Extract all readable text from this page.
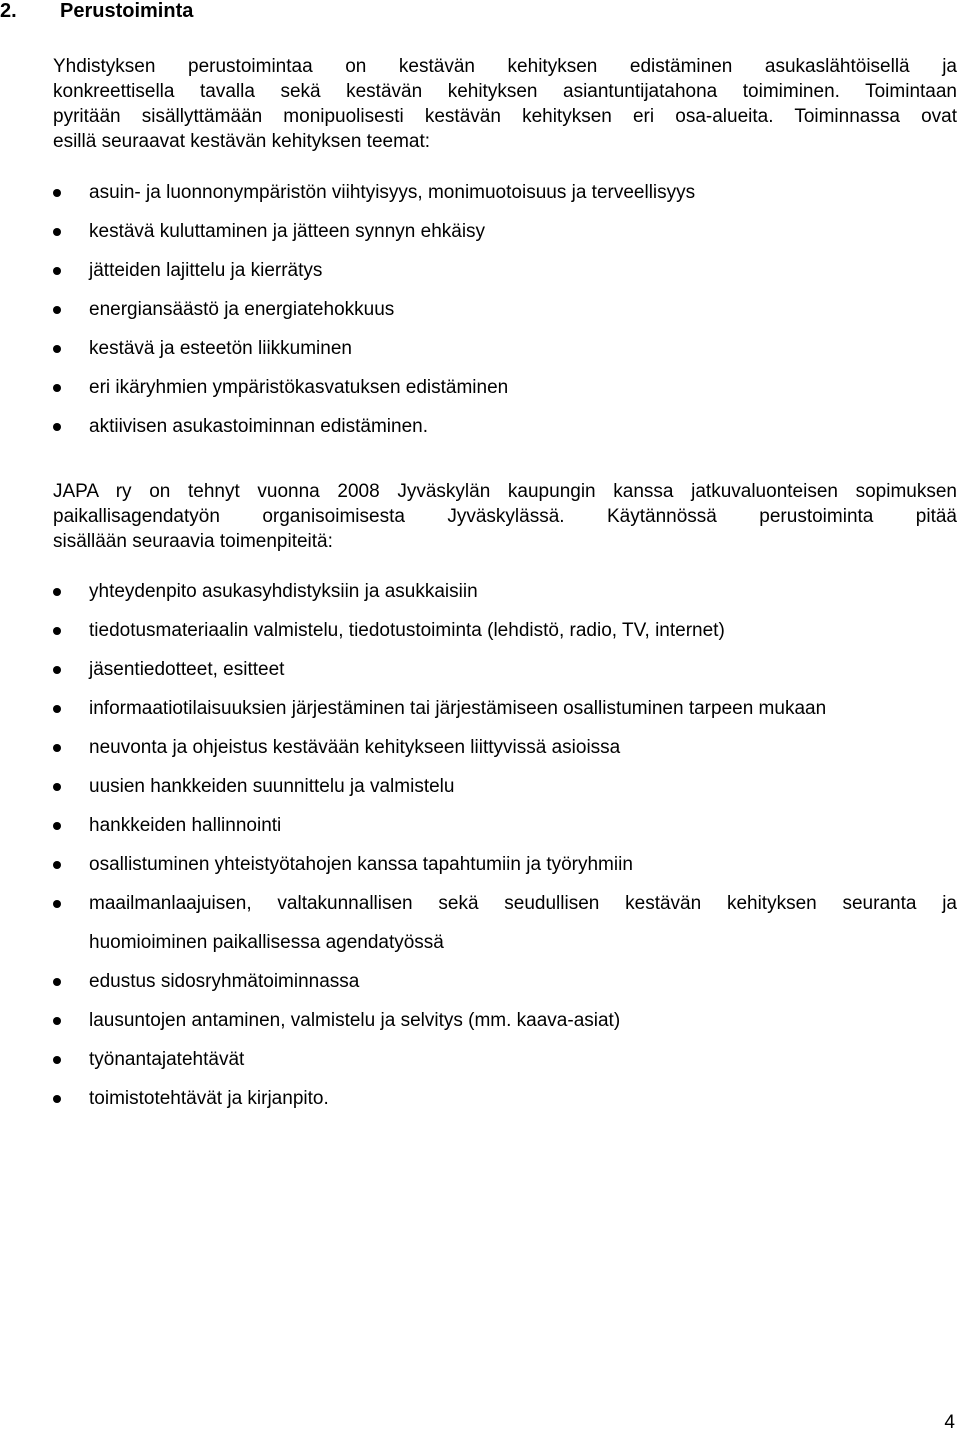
2. Perustoiminta

Yhdistyksen perustoimintaa on kestävän kehityksen edistäminen asukaslähtöisellä ja
konkreettisella tavalla sekä kestävän kehityksen asiantuntijatahona toimiminen. Toimintaan
pyritään sisällyttämään monipuolisesti kestävän kehityksen eri osa-alueita. Toiminnassa ovat
esillä seuraavat kestävän kehityksen teemat:

asuin- ja luonnonympäristön viihtyisyys, monimuotoisuus ja terveellisyys
kestävä kuluttaminen ja jätteen synnyn ehkäisy
jätteiden lajittelu ja kierrätys
energiansäästö ja energiatehokkuus
kestävä ja esteetön liikkuminen
eri ikäryhmien ympäristökasvatuksen edistäminen
aktiivisen asukastoiminnan edistäminen.

JAPA ry on tehnyt vuonna 2008 Jyväskylän kaupungin kanssa jatkuvaluonteisen sopimuksen
paikallisagendatyön organisoimisesta Jyväskylässä. Käytännössä perustoiminta pitää
sisällään seuraavia toimenpiteitä:

yhteydenpito asukasyhdistyksiin ja asukkaisiin
tiedotusmateriaalin valmistelu, tiedotustoiminta (lehdistö, radio, TV, internet)
jäsentiedotteet, esitteet
informaatiotilaisuuksien järjestäminen tai järjestämiseen osallistuminen tarpeen mukaan
neuvonta ja ohjeistus kestävään kehitykseen liittyvissä asioissa
uusien hankkeiden suunnittelu ja valmistelu
hankkeiden hallinnointi
osallistuminen yhteistyötahojen kanssa tapahtumiin ja työryhmiin
maailmanlaajuisen, valtakunnallisen sekä seudullisen kestävän kehityksen seuranta ja
huomioiminen paikallisessa agendatyössä
edustus sidosryhmätoiminnassa
lausuntojen antaminen, valmistelu ja selvitys (mm. kaava-asiat)
työnantajatehtävät
toimistotehtävät ja kirjanpito.
4
